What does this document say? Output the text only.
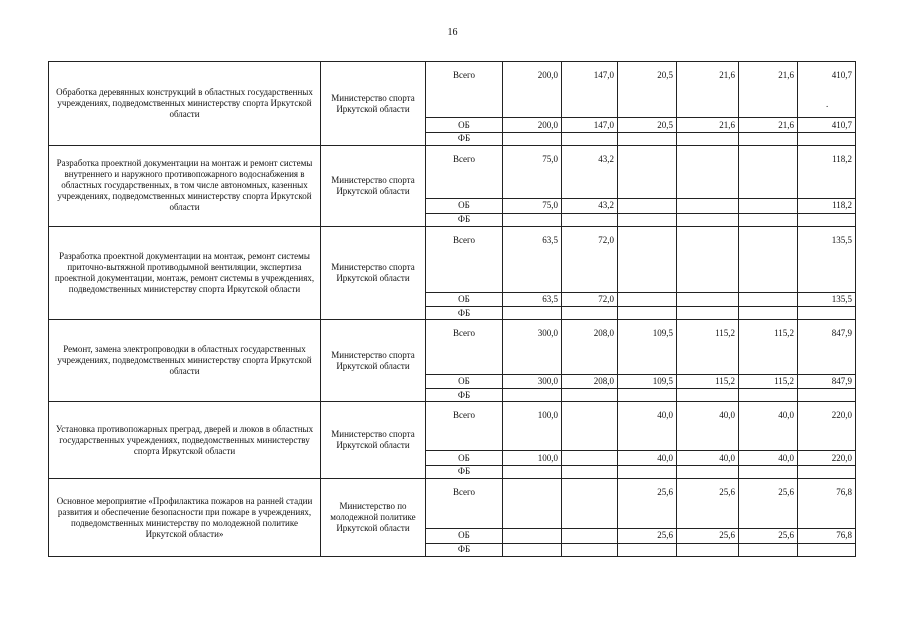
16
Обработка деревянных конструкций в областных государственных учреждениях, подведомственных министерству спорта Иркутской области	Министерство спорта Иркутской области	Всего	200,0	147,0	20,5	21,6	21,6	410,7
		ОБ	200,0	147,0	20,5	21,6	21,6	410,7
		ФБ						
Разработка проектной документации на монтаж и ремонт системы внутреннего и наружного противопожарного водоснабжения в областных государственных, в том числе автономных, казенных учреждениях, подведомственных министерству спорта Иркутской области	Министерство спорта Иркутской области	Всего	75,0	43,2				118,2
		ОБ	75,0	43,2				118,2
		ФБ						
Разработка проектной документации на монтаж, ремонт системы приточно-вытяжной противодымной вентиляции, экспертиза проектной документации, монтаж, ремонт системы в учреждениях, подведомственных министерству спорта Иркутской области	Министерство спорта Иркутской области	Всего	63,5	72,0				135,5
		ОБ	63,5	72,0				135,5
		ФБ						
Ремонт, замена электропроводки в областных государственных учреждениях, подведомственных министерству спорта Иркутской области	Министерство спорта Иркутской области	Всего	300,0	208,0	109,5	115,2	115,2	847,9
		ОБ	300,0	208,0	109,5	115,2	115,2	847,9
		ФБ						
Установка противопожарных преград, дверей и люков в областных государственных учреждениях, подведомственных министерству спорта Иркутской области	Министерство спорта Иркутской области	Всего	100,0		40,0	40,0	40,0	220,0
		ОБ	100,0		40,0	40,0	40,0	220,0
		ФБ						
Основное мероприятие «Профилактика пожаров на ранней стадии развития и обеспечение безопасности при пожаре в учреждениях, подведомственных министерству по молодежной политике Иркутской области»	Министерство по молодежной политике Иркутской области	Всего			25,6	25,6	25,6	76,8
		ОБ			25,6	25,6	25,6	76,8
		ФБ						
.
